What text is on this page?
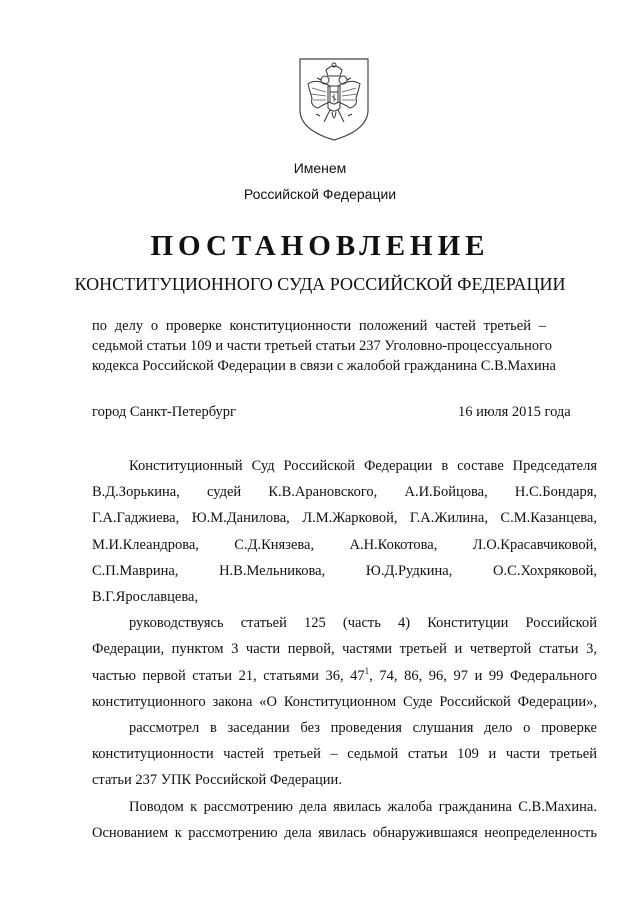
Именем
Российской Федерации
ПОСТАНОВЛЕНИЕ
КОНСТИТУЦИОННОГО СУДА РОССИЙСКОЙ ФЕДЕРАЦИИ
по делу о проверке конституционности положений частей третьей –
седьмой статьи 109 и части третьей статьи 237 Уголовно-процессуального
кодекса Российской Федерации в связи с жалобой гражданина С.В.Махина
город Санкт-Петербург	16 июля 2015 года
Конституционный Суд Российской Федерации в составе Председателя
В.Д.Зорькина, судей К.В.Арановского, А.И.Бойцова, Н.С.Бондаря,
Г.А.Гаджиева, Ю.М.Данилова, Л.М.Жарковой, Г.А.Жилина, С.М.Казанцева,
М.И.Клеандрова, С.Д.Князева, А.Н.Кокотова, Л.О.Красавчиковой,
С.П.Маврина, Н.В.Мельникова, Ю.Д.Рудкина, О.С.Хохряковой,
В.Г.Ярославцева,
руководствуясь статьей 125 (часть 4) Конституции Российской
Федерации, пунктом 3 части первой, частями третьей и четвертой статьи 3,
частью первой статьи 21, статьями 36, $47^1$, 74, 86, 96, 97 и 99 Федерального
конституционного закона «О Конституционном Суде Российской Федерации»,
рассмотрел в заседании без проведения слушания дело о проверке
конституционности частей третьей – седьмой статьи 109 и части третьей
статьи 237 УПК Российской Федерации.
Поводом к рассмотрению дела явилась жалоба гражданина С.В.Махина.
Основанием к рассмотрению дела явилась обнаружившаяся неопределенность
